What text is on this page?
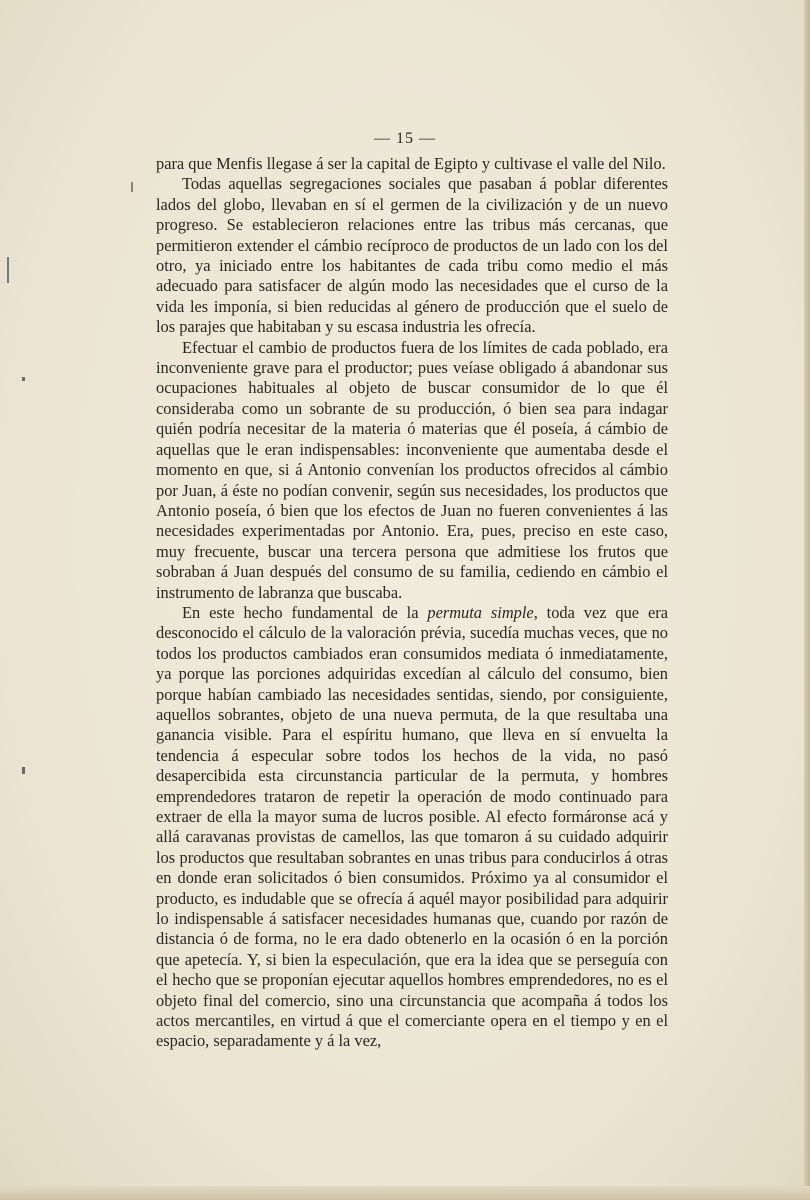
— 15 —

para que Menfis llegase á ser la capital de Egipto y cultivase el valle del Nilo.

Todas aquellas segregaciones sociales que pasaban á poblar diferentes lados del globo, llevaban en sí el germen de la civilización y de un nuevo progreso. Se establecieron relaciones entre las tribus más cercanas, que permitieron extender el cámbio recíproco de productos de un lado con los del otro, ya iniciado entre los habitantes de cada tribu como medio el más adecuado para satisfacer de algún modo las necesidades que el curso de la vida les imponía, si bien reducidas al género de producción que el suelo de los parajes que habitaban y su escasa industria les ofrecía.

Efectuar el cambio de productos fuera de los límites de cada poblado, era inconveniente grave para el productor; pues veíase obligado á abandonar sus ocupaciones habituales al objeto de buscar consumidor de lo que él consideraba como un sobrante de su producción, ó bien sea para indagar quién podría necesitar de la materia ó materias que él poseía, á cámbio de aquellas que le eran indispensables: inconveniente que aumentaba desde el momento en que, si á Antonio convenían los productos ofrecidos al cámbio por Juan, á éste no podían convenir, según sus necesidades, los productos que Antonio poseía, ó bien que los efectos de Juan no fueren convenientes á las necesidades experimentadas por Antonio. Era, pues, preciso en este caso, muy frecuente, buscar una tercera persona que admitiese los frutos que sobraban á Juan después del consumo de su familia, cediendo en cámbio el instrumento de labranza que buscaba.

En este hecho fundamental de la permuta simple, toda vez que era desconocido el cálculo de la valoración prévia, sucedía muchas veces, que no todos los productos cambiados eran consumidos mediata ó inmediatamente, ya porque las porciones adquiridas excedían al cálculo del consumo, bien porque habían cambiado las necesidades sentidas, siendo, por consiguiente, aquellos sobrantes, objeto de una nueva permuta, de la que resultaba una ganancia visible. Para el espíritu humano, que lleva en sí envuelta la tendencia á especular sobre todos los hechos de la vida, no pasó desapercibida esta circunstancia particular de la permuta, y hombres emprendedores trataron de repetir la operación de modo continuado para extraer de ella la mayor suma de lucros posible. Al efecto formáronse acá y allá caravanas provistas de camellos, las que tomaron á su cuidado adquirir los productos que resultaban sobrantes en unas tribus para conducirlos á otras en donde eran solicitados ó bien consumidos. Próximo ya al consumidor el producto, es indudable que se ofrecía á aquél mayor posibilidad para adquirir lo indispensable á satisfacer necesidades humanas que, cuando por razón de distancia ó de forma, no le era dado obtenerlo en la ocasión ó en la porción que apetecía. Y, si bien la especulación, que era la idea que se perseguía con el hecho que se proponían ejecutar aquellos hombres emprendedores, no es el objeto final del comercio, sino una circunstancia que acompaña á todos los actos mercantiles, en virtud á que el comerciante opera en el tiempo y en el espacio, separadamente y á la vez,
